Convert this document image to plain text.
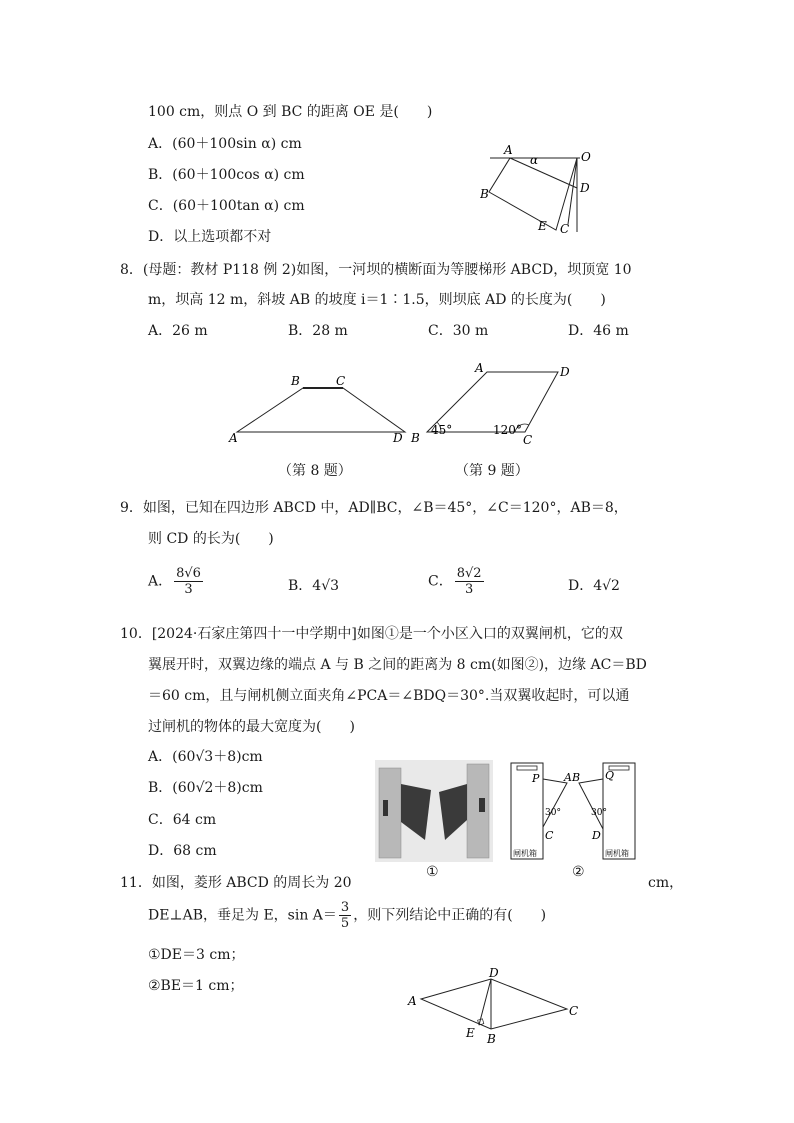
100 cm，则点 O 到 BC 的距离 OE 是(　　)
A．(60＋100sin α) cm
B．(60＋100cos α) cm
C．(60＋100tan α) cm
D．以上选项都不对
A
α	O
B	D
E C
8．(母题：教材 P118 例 2)如图，一河坝的横断面为等腰梯形 ABCD，坝顶宽 10
m，坝高 12 m，斜坡 AB 的坡度 i＝1∶1.5，则坝底 AD 的长度为(　　)
A．26 m	B．28 m	C．30 m	D．46 m
B	C
A	D
（第 8 题）
A	D
B
45°	120°
C
（第 9 题）
9．如图，已知在四边形 ABCD 中，AD∥BC，∠B＝45°，∠C＝120°，AB＝8，
则 CD 的长为(　　)
A． $\frac{8√6}{3}$	B．4√3	C． $\frac{8√2}{3}$	D．4√2
10．[2024·石家庄第四十一中学期中]如图①是一个小区入口的双翼闸机，它的双
翼展开时，双翼边缘的端点 A 与 B 之间的距离为 8 cm(如图②)，边缘 AC＝BD
＝60 cm，且与闸机侧立面夹角∠PCA＝∠BDQ＝30°.当双翼收起时，可以通
过闸机的物体的最大宽度为(　　)
A．(60√3＋8)cm
B．(60√2＋8)cm
C．64 cm
D．68 cm
①
P A B Q
30°	30°
C	D
闸机箱	闸机箱
②
11．如图，菱形 ABCD 的周长为 20	cm，
DE⊥AB，垂足为 E，$\sin A= \frac{3}{5}$ ，则下列结论中正确的有(　　)
①DE＝3 cm；
②BE＝1 cm；
D
A
C
E B
